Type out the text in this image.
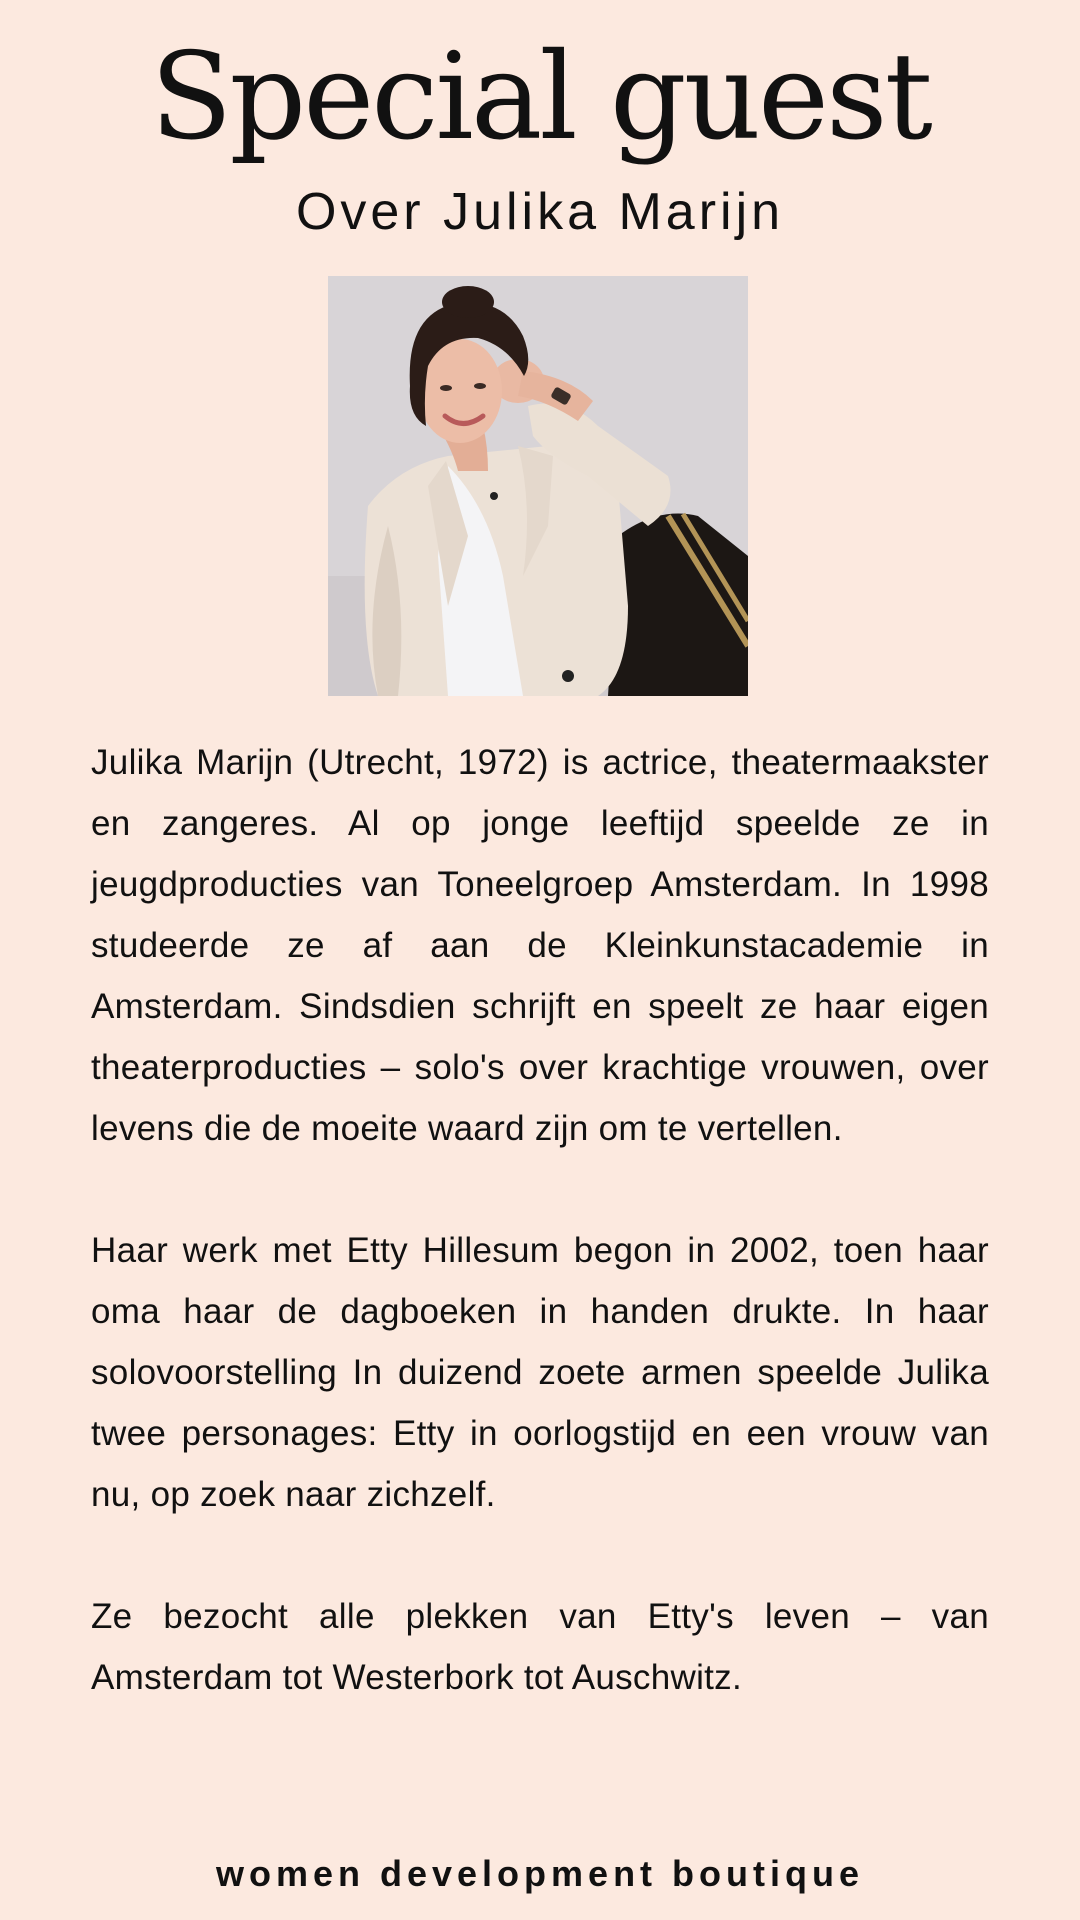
Special guest
Over Julika Marijn

Julika Marijn (Utrecht, 1972) is actrice, theatermaakster en zangeres. Al op jonge leeftijd speelde ze in jeugdproducties van Toneelgroep Amsterdam. In 1998 studeerde ze af aan de Kleinkunstacademie in Amsterdam. Sindsdien schrijft en speelt ze haar eigen theaterproducties – solo's over krachtige vrouwen, over levens die de moeite waard zijn om te vertellen.

Haar werk met Etty Hillesum begon in 2002, toen haar oma haar de dagboeken in handen drukte. In haar solovoorstelling In duizend zoete armen speelde Julika twee personages: Etty in oorlogstijd en een vrouw van nu, op zoek naar zichzelf.

Ze bezocht alle plekken van Etty's leven – van Amsterdam tot Westerbork tot Auschwitz.

women development boutique
